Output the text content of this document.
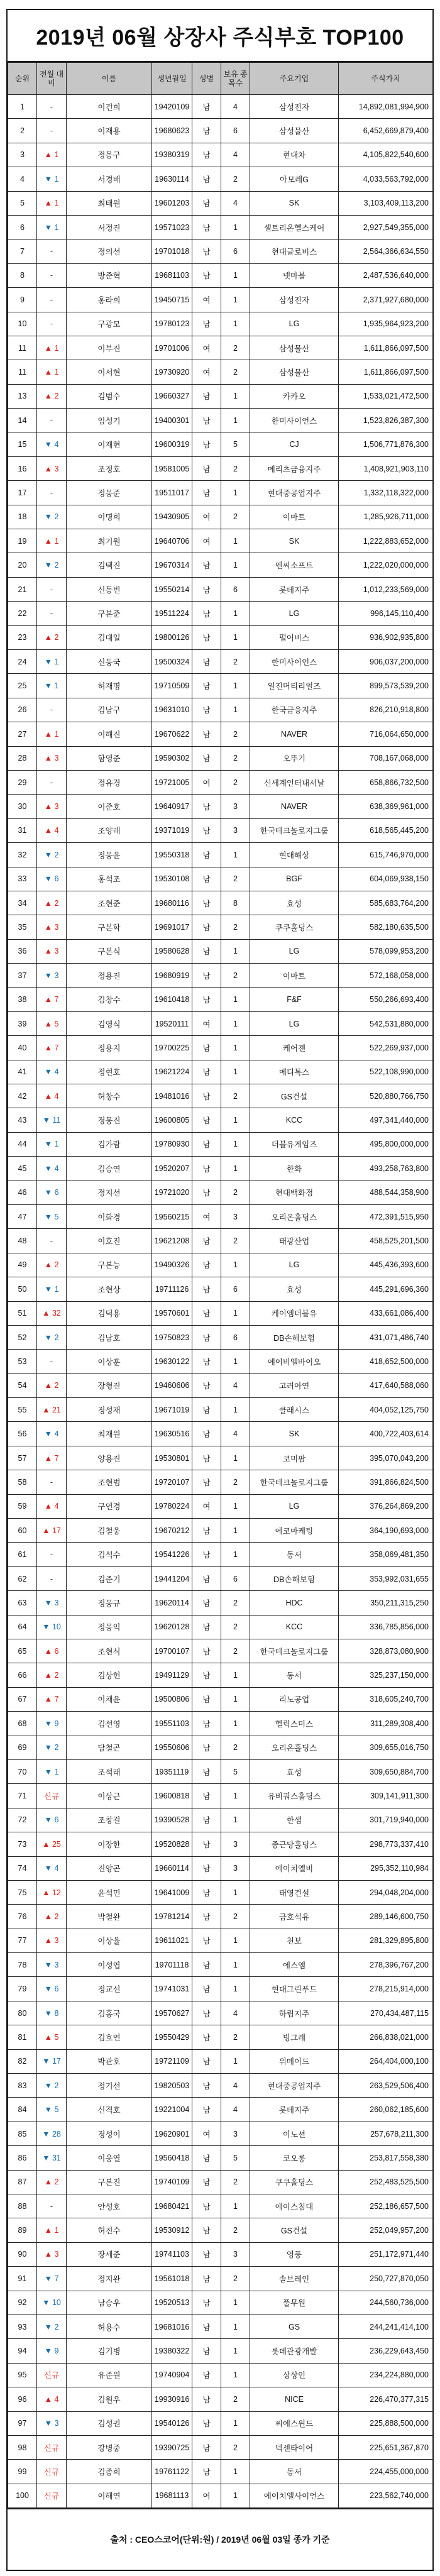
2019년 06월 상장사 주식부호 TOP100
순위	전월 대비	이름	생년월일	성별	보유 종목수	주요기업	주식가치
1	-	이건희	19420109	남	4	삼성전자	14,892,081,994,900
2	-	이재용	19680623	남	6	삼성물산	6,452,669,879,400
3	▲ 1	정몽구	19380319	남	4	현대차	4,105,822,540,600
4	▼ 1	서경배	19630114	남	2	아모레G	4,033,563,792,000
5	▲ 1	최태원	19601203	남	4	SK	3,103,409,113,200
6	▼ 1	서정진	19571023	남	1	셀트리온헬스케어	2,927,549,355,000
7	-	정의선	19701018	남	6	현대글로비스	2,564,366,634,550
8	-	방준혁	19681103	남	1	넷마블	2,487,536,640,000
9	-	홍라희	19450715	여	1	삼성전자	2,371,927,680,000
10	-	구광모	19780123	남	1	LG	1,935,964,923,200
11	▲ 1	이부진	19701006	여	2	삼성물산	1,611,866,097,500
11	▲ 1	이서현	19730920	여	2	삼성물산	1,611,866,097,500
13	▲ 2	김범수	19660327	남	1	카카오	1,533,021,472,500
14	-	임성기	19400301	남	1	한미사이언스	1,523,826,387,300
15	▼ 4	이재현	19600319	남	5	CJ	1,506,771,876,300
16	▲ 3	조정호	19581005	남	2	메리츠금융지주	1,408,921,903,110
17	-	정몽준	19511017	남	1	현대중공업지주	1,332,118,322,000
18	▼ 2	이명희	19430905	여	2	이마트	1,285,926,711,000
19	▲ 1	최기원	19640706	여	1	SK	1,222,883,652,000
20	▼ 2	김택진	19670314	남	1	엔씨소프트	1,222,020,000,000
21	-	신동빈	19550214	남	6	롯데지주	1,012,233,569,000
22	-	구본준	19511224	남	1	LG	996,145,110,400
23	▲ 2	김대일	19800126	남	1	펄어비스	936,902,935,800
24	▼ 1	신동국	19500324	남	2	한미사이언스	906,037,200,000
25	▼ 1	허재명	19710509	남	1	일진머티리얼즈	899,573,539,200
26	-	김남구	19631010	남	1	한국금융지주	826,210,918,800
27	▲ 1	이해진	19670622	남	2	NAVER	716,064,650,000
28	▲ 3	함영준	19590302	남	2	오뚜기	708,167,068,000
29	-	정유경	19721005	여	2	신세계인터내셔날	658,866,732,500
30	▲ 3	이준호	19640917	남	3	NAVER	638,369,961,000
31	▲ 4	조양래	19371019	남	3	한국테크놀로지그룹	618,565,445,200
32	▼ 2	정몽윤	19550318	남	1	현대해상	615,746,970,000
33	▼ 6	홍석조	19530108	남	2	BGF	604,069,938,150
34	▲ 2	조현준	19680116	남	8	효성	585,683,764,200
35	▲ 3	구본학	19691017	남	2	쿠쿠홀딩스	582,180,635,500
36	▲ 3	구본식	19580628	남	1	LG	578,099,953,200
37	▼ 3	정용진	19680919	남	2	이마트	572,168,058,000
38	▲ 7	김창수	19610418	남	1	F&F	550,266,693,400
39	▲ 5	김영식	19520111	여	1	LG	542,531,880,000
40	▲ 7	정용지	19700225	남	1	케어젠	522,269,937,000
41	▼ 4	정현호	19621224	남	1	메디톡스	522,108,990,000
42	▲ 4	허창수	19481016	남	2	GS건설	520,880,766,750
43	▼ 11	정몽진	19600805	남	1	KCC	497,341,440,000
44	▼ 1	김가람	19780930	남	1	더블유게임즈	495,800,000,000
45	▼ 4	김승연	19520207	남	1	한화	493,258,763,800
46	▼ 6	정지선	19721020	남	2	현대백화점	488,544,358,900
47	▼ 5	이화경	19560215	여	3	오리온홀딩스	472,391,515,950
48	-	이호진	19621208	남	2	태광산업	458,525,201,500
49	▲ 2	구본능	19490326	남	1	LG	445,436,393,600
50	▼ 1	조현상	19711126	남	6	효성	445,291,696,360
51	▲ 32	김덕용	19570601	남	1	케이엠더블유	433,661,086,400
52	▼ 2	김남호	19750823	남	6	DB손해보험	431,071,486,740
53	-	이상훈	19630122	남	1	에이비엘바이오	418,652,500,000
54	▲ 2	장형진	19460606	남	4	고려아연	417,640,588,060
55	▲ 21	정성재	19671019	남	1	클래시스	404,052,125,750
56	▼ 4	최재원	19630516	남	4	SK	400,722,403,614
57	▲ 7	양용진	19530801	남	1	코미팜	395,070,043,200
58	-	조현범	19720107	남	2	한국테크놀로지그룹	391,866,824,500
59	▲ 4	구연경	19780224	여	1	LG	376,264,869,200
60	▲ 17	김철웅	19670212	남	1	에코마케팅	364,190,693,000
61	-	김석수	19541226	남	1	동서	358,069,481,350
62	-	김준기	19441204	남	6	DB손해보험	353,992,031,655
63	▼ 3	정몽규	19620114	남	2	HDC	350,211,315,250
64	▼ 10	정몽익	19620128	남	2	KCC	336,785,856,000
65	▲ 6	조현식	19700107	남	2	한국테크놀로지그룹	328,873,080,900
66	▲ 2	김상헌	19491129	남	1	동서	325,237,150,000
67	▲ 7	이채윤	19500806	남	1	리노공업	318,605,240,700
68	▼ 9	김선영	19551103	남	1	헬릭스미스	311,289,308,400
69	▼ 2	담철곤	19550606	남	2	오리온홀딩스	309,655,016,750
70	▼ 1	조석래	19351119	남	5	효성	309,650,884,700
71	신규	이상근	19600818	남	1	유비쿼스홀딩스	309,141,911,300
72	▼ 6	조창걸	19390528	남	1	한샘	301,719,940,000
73	▲ 25	이장한	19520828	남	3	종근당홀딩스	298,773,337,410
74	▼ 4	진양곤	19660114	남	3	에이치엘비	295,352,110,984
75	▲ 12	윤석민	19641009	남	1	태영건설	294,048,204,000
76	▲ 2	박철완	19781214	남	2	금호석유	289,146,600,750
77	▲ 3	이상율	19611021	남	1	천보	281,329,895,800
78	▼ 3	이성엽	19701118	남	1	에스엠	278,396,767,200
79	▼ 6	정교선	19741031	남	1	현대그린푸드	278,215,914,000
80	▼ 8	김홍국	19570627	남	4	하림지주	270,434,487,115
81	▲ 5	김호연	19550429	남	2	빙그레	266,838,021,000
82	▼ 17	박관호	19721109	남	1	위메이드	264,404,000,100
83	▼ 2	정기선	19820503	남	4	현대중공업지주	263,529,506,400
84	▼ 5	신격호	19221004	남	4	롯데지주	260,062,185,600
85	▼ 28	정성이	19620901	여	3	이노션	257,678,211,300
86	▼ 31	이웅열	19560418	남	5	코오롱	253,817,558,380
87	▲ 2	구본진	19740109	남	2	쿠쿠홀딩스	252,483,525,500
88	-	안성호	19680421	남	1	에이스침대	252,186,657,500
89	▲ 1	허진수	19530912	남	2	GS건설	252,049,957,200
90	▲ 3	장세준	19741103	남	3	영풍	251,172,971,440
91	▼ 7	정지완	19561018	남	2	솔브레인	250,727,870,050
92	▼ 10	남승우	19520513	남	1	풀무원	244,560,736,000
93	▼ 2	허용수	19681016	남	1	GS	244,241,414,100
94	▼ 9	김기병	19380322	남	1	롯데관광개발	236,229,643,450
95	신규	유준원	19740904	남	1	상상인	234,224,880,000
96	▲ 4	김원우	19930916	남	2	NICE	226,470,377,315
97	▼ 3	김성권	19540126	남	1	씨에스윈드	225,888,500,000
98	신규	강병중	19390725	남	2	넥센타이어	225,651,367,870
99	신규	김종희	19761122	남	1	동서	224,455,000,000
100	신규	이해연	19681113	여	1	에이치엘사이언스	223,562,740,000
출처 : CEO스코어(단위:원) / 2019년 06월 03일 종가 기준
